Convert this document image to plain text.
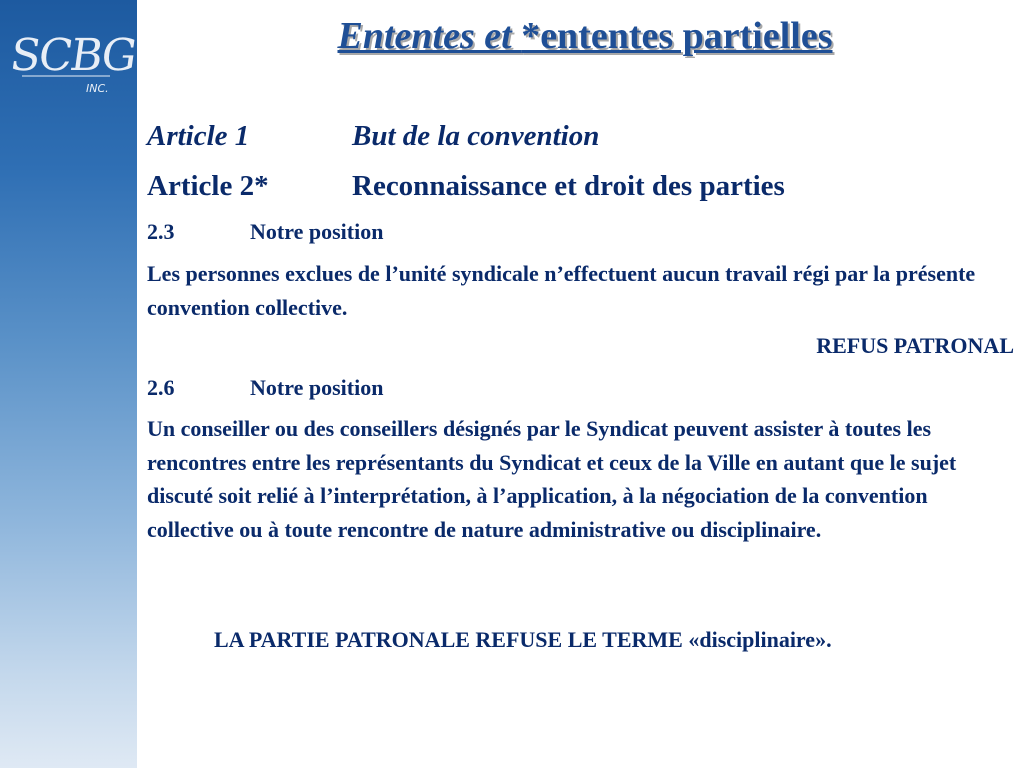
SCBG
INC.
Ententes et *ententes partielles
Article 1	But de la convention
Article 2*	Reconnaissance et droit des parties
2.3	Notre position
Les personnes exclues de l’unité syndicale n’effectuent aucun travail régi par la présente convention collective.
REFUS PATRONAL
2.6	Notre position
Un conseiller ou des conseillers désignés par le Syndicat peuvent assister à toutes les rencontres entre les représentants du Syndicat et ceux de la Ville en autant que le sujet discuté soit relié à l’interprétation, à l’application, à la négociation de la convention collective ou à toute rencontre de nature administrative ou disciplinaire.
LA PARTIE PATRONALE REFUSE LE TERME «disciplinaire».
